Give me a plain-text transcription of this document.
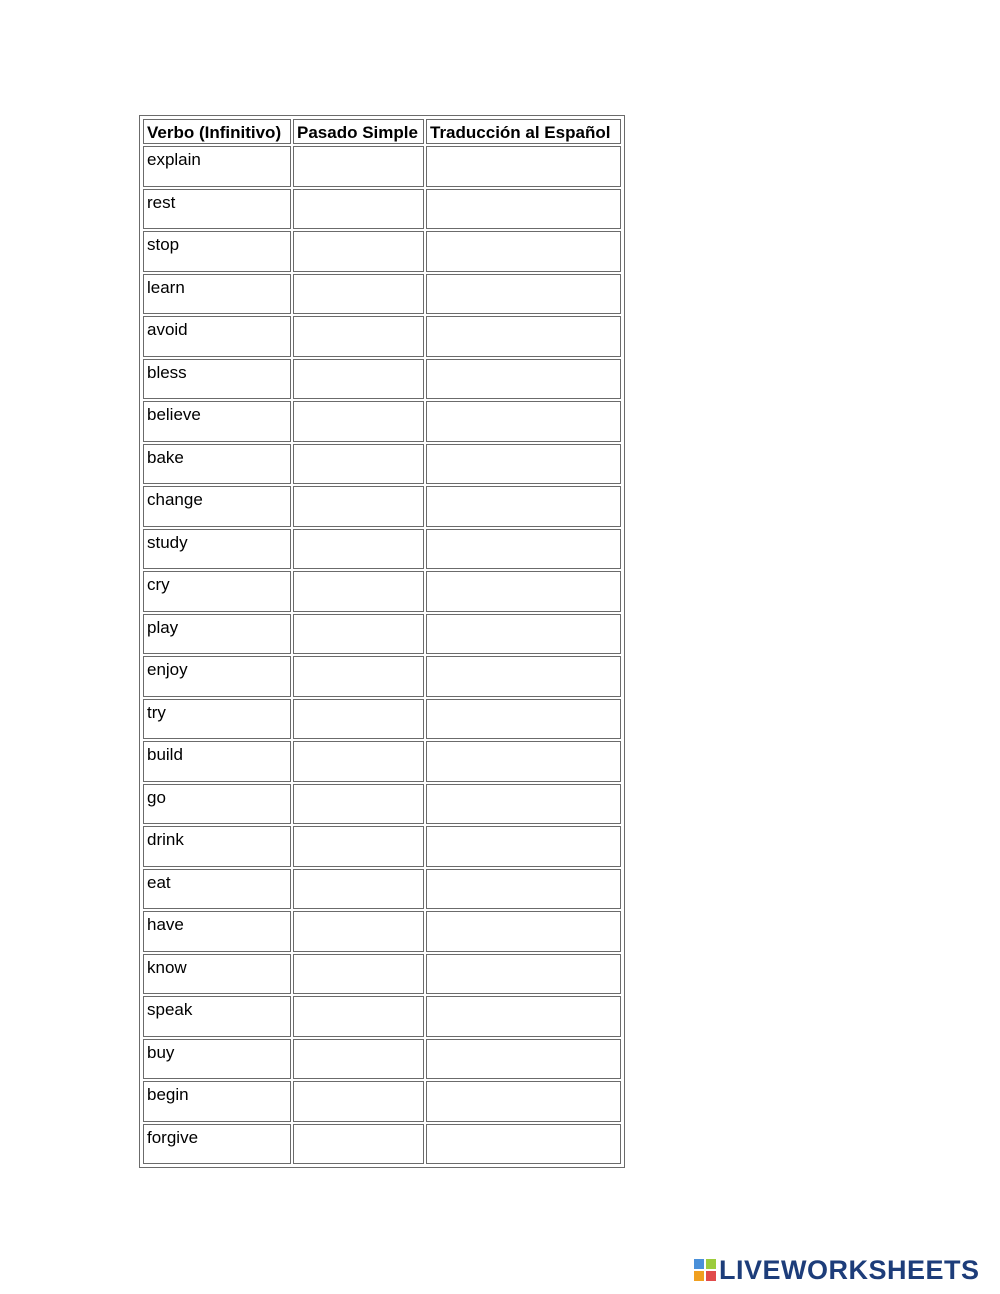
Verbo (Infinitivo)	Pasado Simple	Traducción al Español
explain		
rest		
stop		
learn		
avoid		
bless		
believe		
bake		
change		
study		
cry		
play		
enjoy		
try		
build		
go		
drink		
eat		
have		
know		
speak		
buy		
begin		
forgive		
LIVEWORKSHEETS
